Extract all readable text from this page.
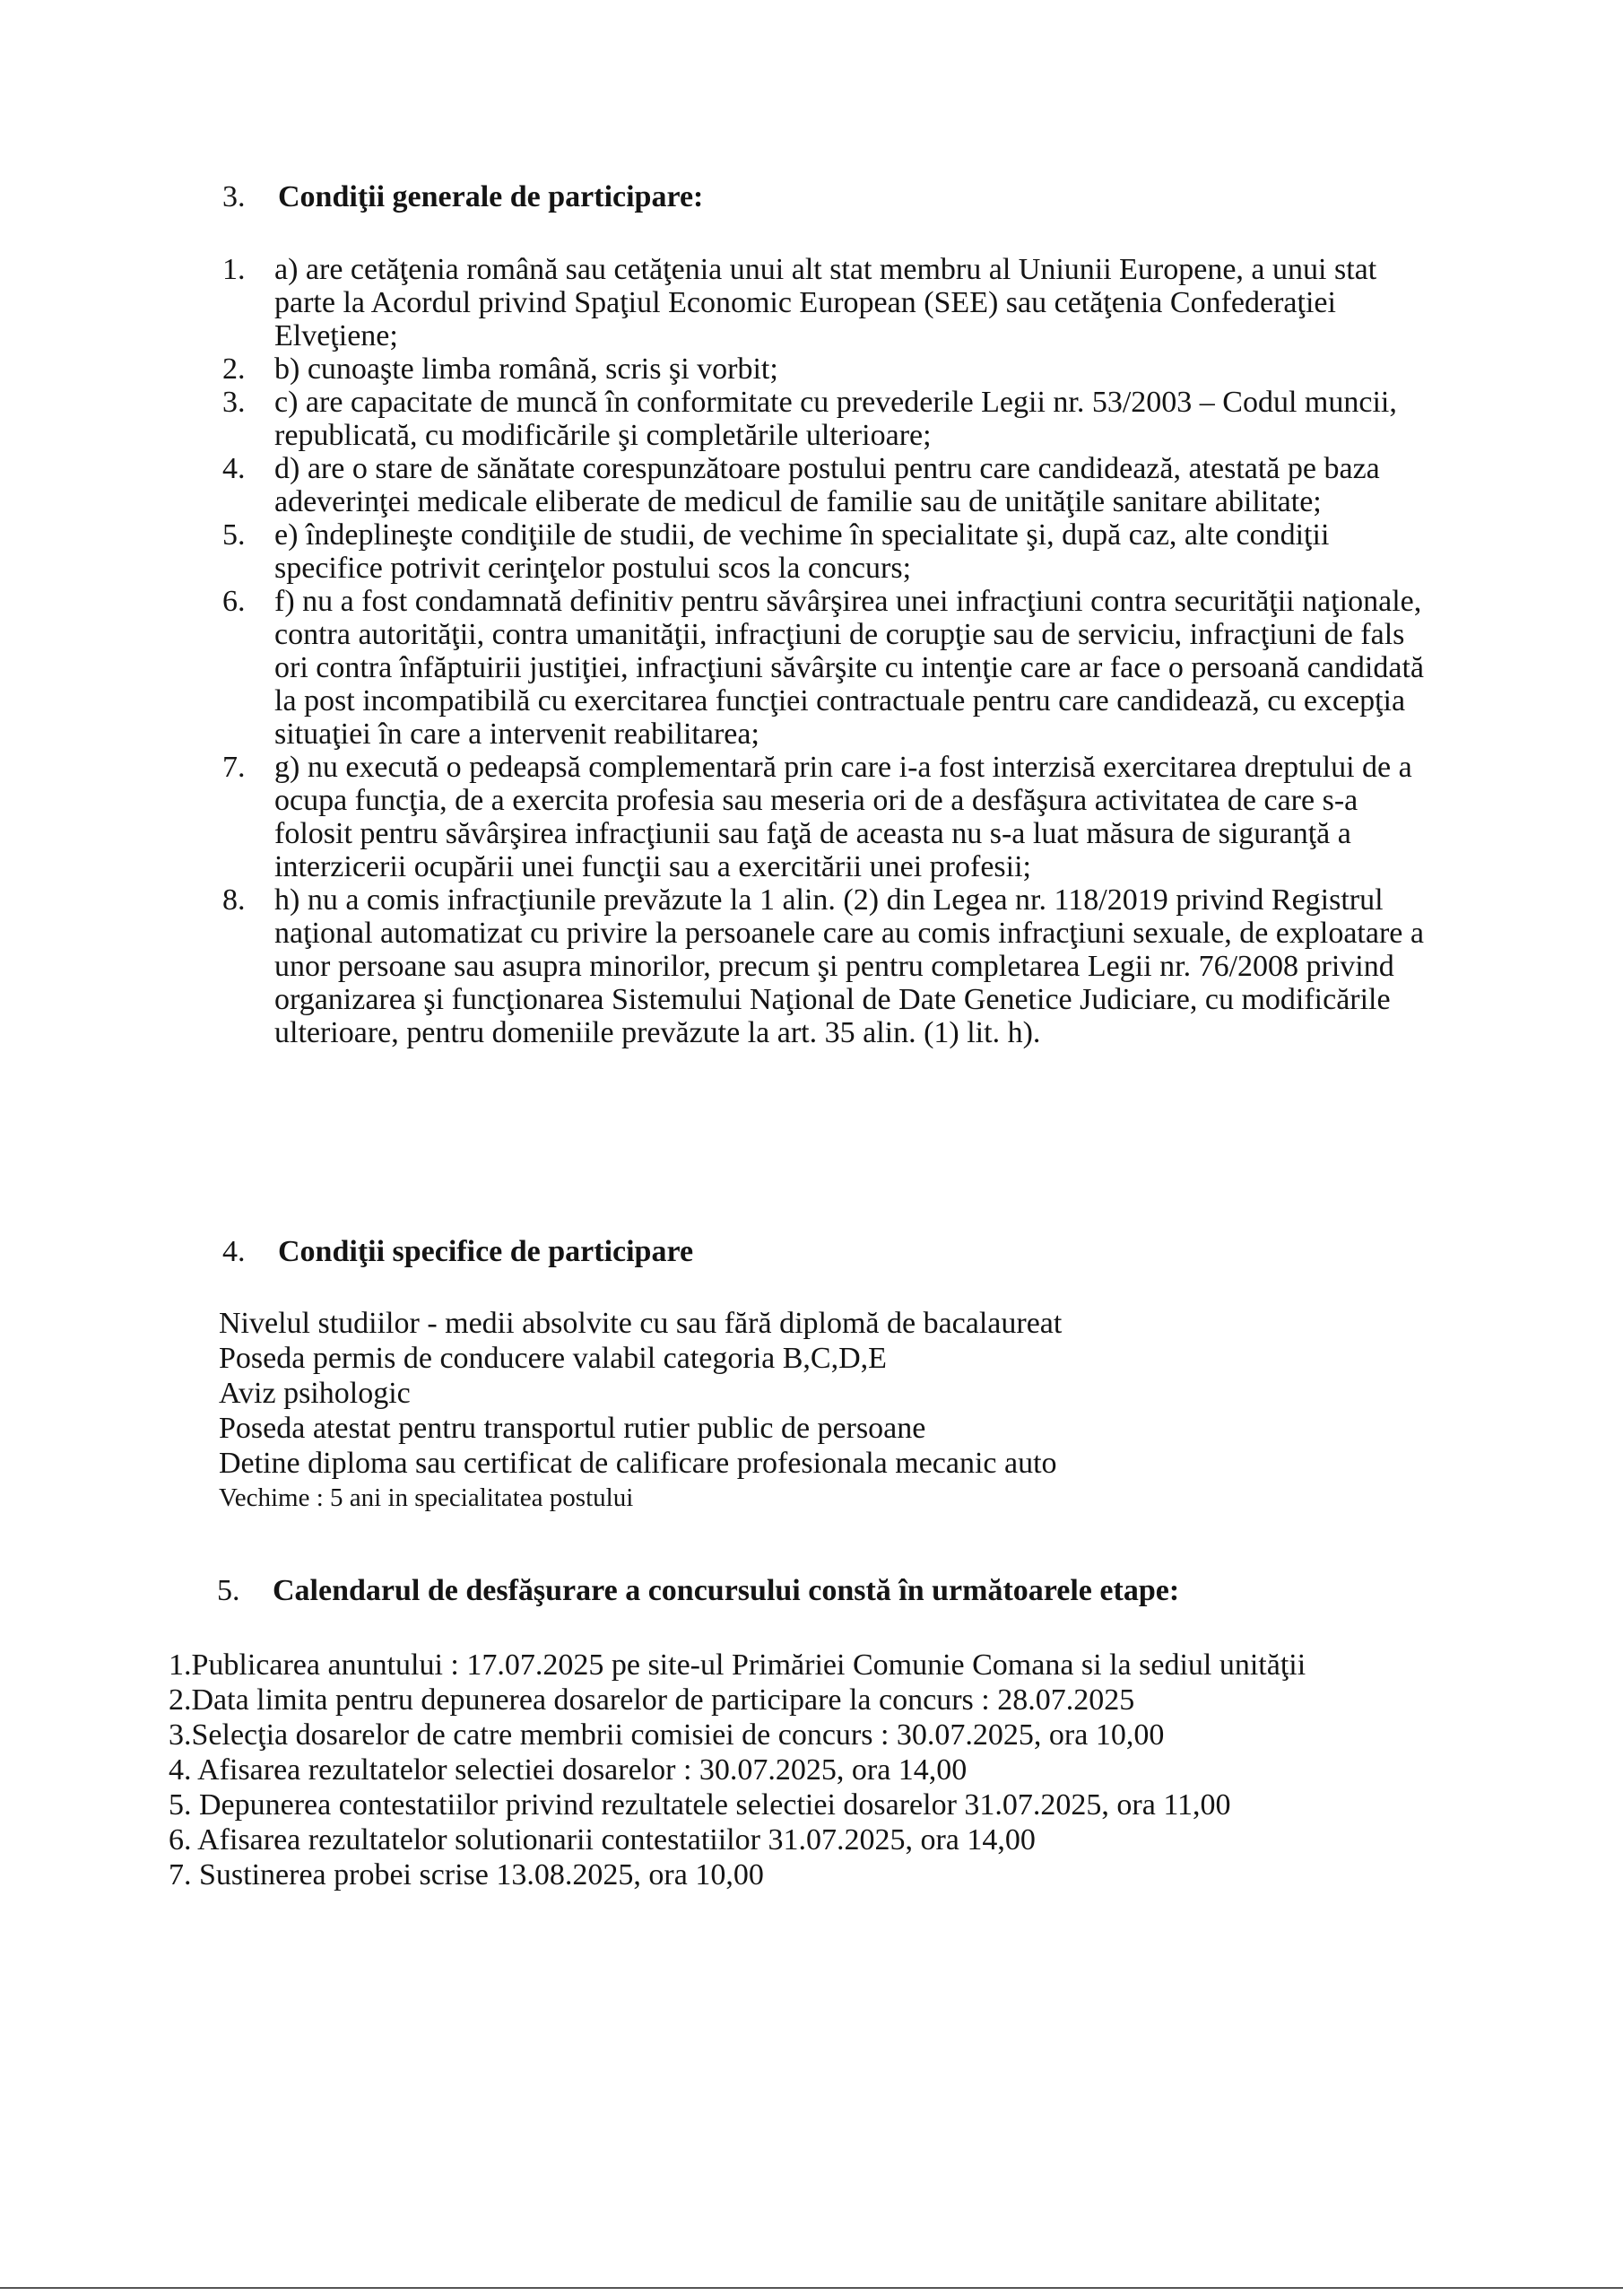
3. Condiţii generale de participare:
1. a) are cetăţenia română sau cetăţenia unui alt stat membru al Uniunii Europene, a unui stat parte la Acordul privind Spaţiul Economic European (SEE) sau cetăţenia Confederaţiei Elveţiene;
2. b) cunoaşte limba română, scris şi vorbit;
3. c) are capacitate de muncă în conformitate cu prevederile Legii nr. 53/2003 – Codul muncii, republicată, cu modificările şi completările ulterioare;
4. d) are o stare de sănătate corespunzătoare postului pentru care candidează, atestată pe baza adeverinţei medicale eliberate de medicul de familie sau de unităţile sanitare abilitate;
5. e) îndeplineşte condiţiile de studii, de vechime în specialitate şi, după caz, alte condiţii specifice potrivit cerinţelor postului scos la concurs;
6. f) nu a fost condamnată definitiv pentru săvârşirea unei infracţiuni contra securităţii naţionale, contra autorităţii, contra umanităţii, infracţiuni de corupţie sau de serviciu, infracţiuni de fals ori contra înfăptuirii justiţiei, infracţiuni săvârşite cu intenţie care ar face o persoană candidată la post incompatibilă cu exercitarea funcţiei contractuale pentru care candidează, cu excepţia situaţiei în care a intervenit reabilitarea;
7. g) nu execută o pedeapsă complementară prin care i-a fost interzisă exercitarea dreptului de a ocupa funcţia, de a exercita profesia sau meseria ori de a desfăşura activitatea de care s-a folosit pentru săvârşirea infracţiunii sau faţă de aceasta nu s-a luat măsura de siguranţă a interzicerii ocupării unei funcţii sau a exercitării unei profesii;
8. h) nu a comis infracţiunile prevăzute la 1 alin. (2) din Legea nr. 118/2019 privind Registrul naţional automatizat cu privire la persoanele care au comis infracţiuni sexuale, de exploatare a unor persoane sau asupra minorilor, precum şi pentru completarea Legii nr. 76/2008 privind organizarea şi funcţionarea Sistemului Naţional de Date Genetice Judiciare, cu modificările ulterioare, pentru domeniile prevăzute la art. 35 alin. (1) lit. h).
4. Condiţii specifice de participare
Nivelul studiilor - medii absolvite cu sau fără diplomă de bacalaureat
Poseda permis de conducere valabil categoria B,C,D,E
Aviz psihologic
Poseda atestat pentru transportul rutier public de persoane
Detine diploma sau certificat de calificare profesionala mecanic auto
Vechime : 5 ani in specialitatea postului
5. Calendarul de desfăşurare a concursului constă în următoarele etape:
1.Publicarea anuntului : 17.07.2025 pe site-ul Primăriei Comunie Comana si la sediul unităţii
2.Data limita pentru depunerea dosarelor de participare la concurs : 28.07.2025
3.Selecţia dosarelor de catre membrii comisiei de concurs : 30.07.2025, ora 10,00
4. Afisarea rezultatelor selectiei dosarelor : 30.07.2025, ora 14,00
5. Depunerea contestatiilor privind rezultatele selectiei dosarelor 31.07.2025, ora 11,00
6. Afisarea rezultatelor solutionarii contestatiilor 31.07.2025, ora 14,00
7. Sustinerea probei scrise 13.08.2025, ora 10,00
